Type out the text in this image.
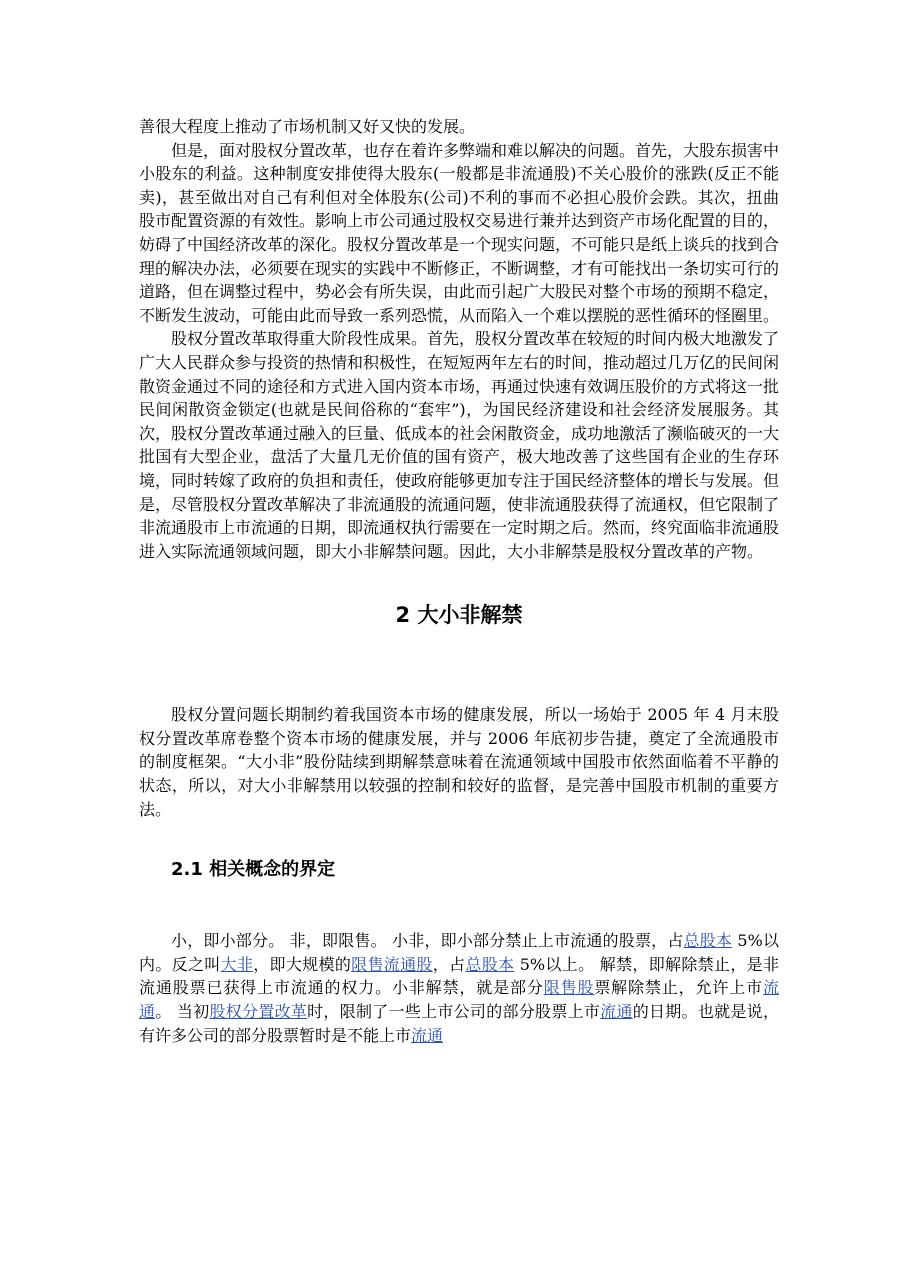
善很大程度上推动了市场机制又好又快的发展。

但是，面对股权分置改革，也存在着许多弊端和难以解决的问题。首先，大股东损害中小股东的利益。这种制度安排使得大股东(一般都是非流通股)不关心股价的涨跌(反正不能卖)，甚至做出对自己有利但对全体股东(公司)不利的事而不必担心股价会跌。其次，扭曲股市配置资源的有效性。影响上市公司通过股权交易进行兼并达到资产市场化配置的目的，妨碍了中国经济改革的深化。股权分置改革是一个现实问题，不可能只是纸上谈兵的找到合理的解决办法，必须要在现实的实践中不断修正，不断调整，才有可能找出一条切实可行的道路，但在调整过程中，势必会有所失误，由此而引起广大股民对整个市场的预期不稳定，不断发生波动，可能由此而导致一系列恐慌，从而陷入一个难以摆脱的恶性循环的怪圈里。

股权分置改革取得重大阶段性成果。首先，股权分置改革在较短的时间内极大地激发了广大人民群众参与投资的热情和积极性，在短短两年左右的时间，推动超过几万亿的民间闲散资金通过不同的途径和方式进入国内资本市场，再通过快速有效调压股价的方式将这一批民间闲散资金锁定(也就是民间俗称的“套牢”)，为国民经济建设和社会经济发展服务。其次，股权分置改革通过融入的巨量、低成本的社会闲散资金，成功地激活了濒临破灭的一大批国有大型企业，盘活了大量几无价值的国有资产，极大地改善了这些国有企业的生存环境，同时转嫁了政府的负担和责任，使政府能够更加专注于国民经济整体的增长与发展。但是，尽管股权分置改革解决了非流通股的流通问题，使非流通股获得了流通权，但它限制了非流通股市上市流通的日期，即流通权执行需要在一定时期之后。然而，终究面临非流通股进入实际流通领域问题，即大小非解禁问题。因此，大小非解禁是股权分置改革的产物。

2 大小非解禁

股权分置问题长期制约着我国资本市场的健康发展，所以一场始于 2005 年 4 月末股权分置改革席卷整个资本市场的健康发展，并与 2006 年底初步告捷，奠定了全流通股市的制度框架。“大小非”股份陆续到期解禁意味着在流通领域中国股市依然面临着不平静的状态，所以，对大小非解禁用以较强的控制和较好的监督，是完善中国股市机制的重要方法。

2.1 相关概念的界定

小，即小部分。 非，即限售。 小非，即小部分禁止上市流通的股票，占总股本 5%以内。反之叫大非，即大规模的限售流通股，占总股本 5%以上。 解禁，即解除禁止，是非流通股票已获得上市流通的权力。小非解禁，就是部分限售股票解除禁止，允许上市流通。 当初股权分置改革时，限制了一些上市公司的部分股票上市流通的日期。也就是说，有许多公司的部分股票暂时是不能上市流通
